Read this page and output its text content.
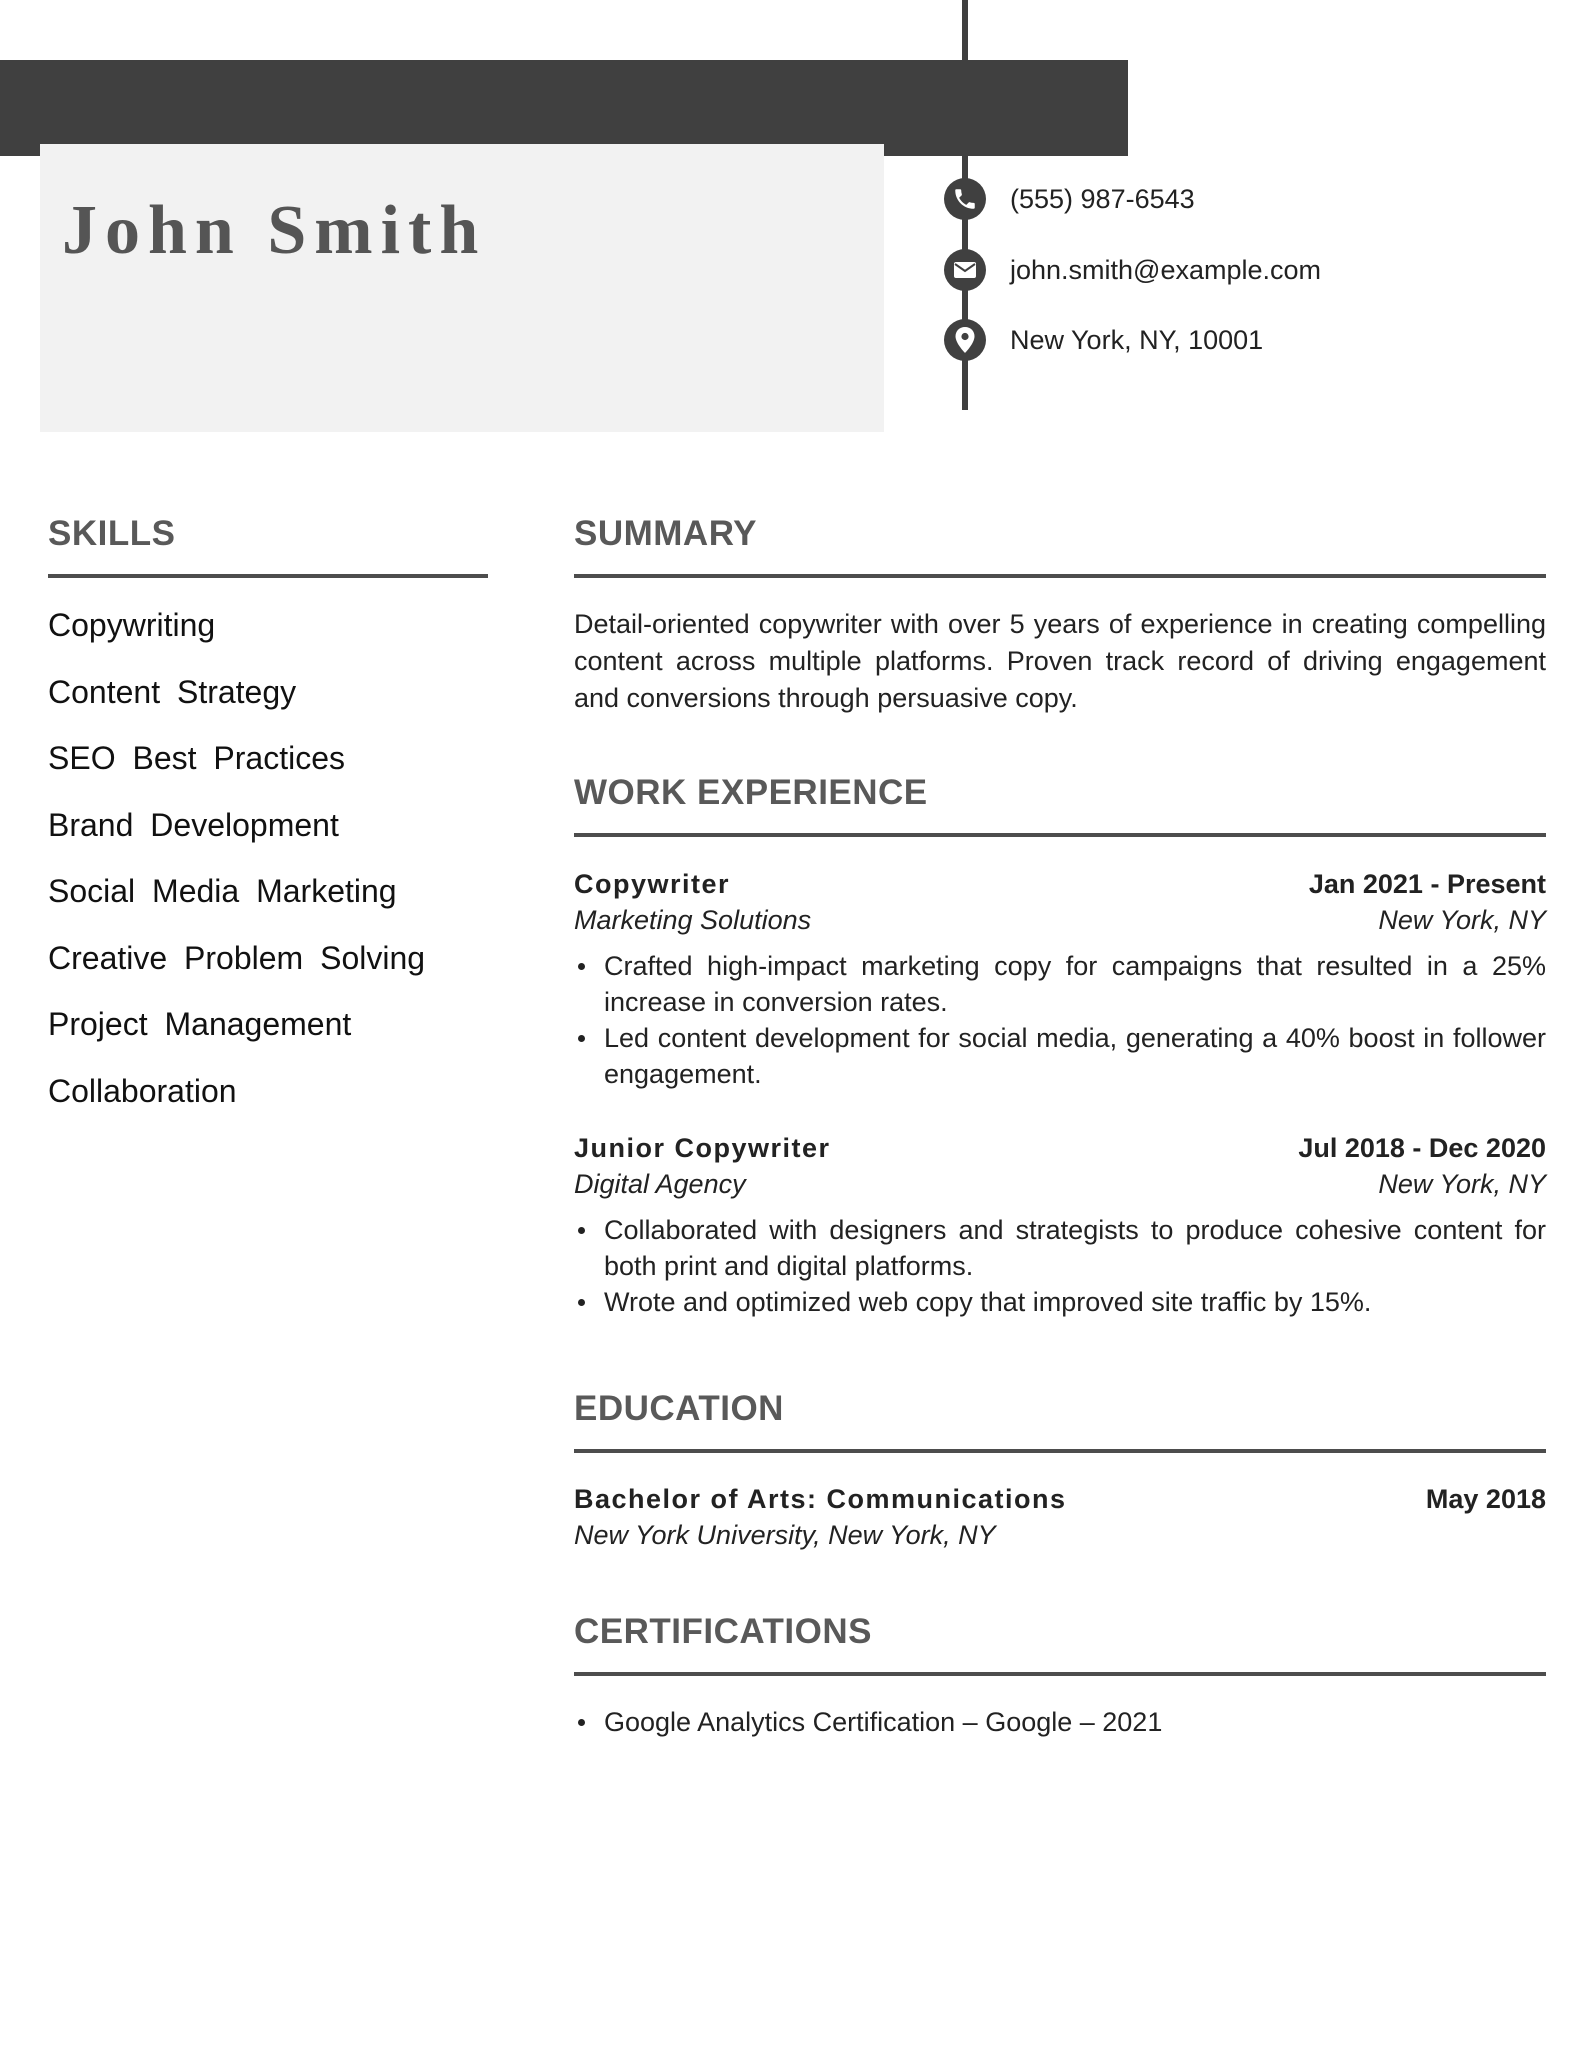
John Smith	(555) 987-6543
john.smith@example.com
New York, NY, 10001
SKILLS
Copywriting
Content Strategy
SEO Best Practices
Brand Development
Social Media Marketing
Creative Problem Solving
Project Management
Collaboration
SUMMARY

Detail-oriented copywriter with over 5 years of experience in creating compelling content across multiple platforms. Proven track record of driving engagement and conversions through persuasive copy.

WORK EXPERIENCE
Copywriter	Jan 2021 - Present
Marketing Solutions	New York, NY
Crafted high-impact marketing copy for campaigns that resulted in a 25% increase in conversion rates.
Led content development for social media, generating a 40% boost in follower engagement.
Junior Copywriter	Jul 2018 - Dec 2020
Digital Agency	New York, NY
Collaborated with designers and strategists to produce cohesive content for both print and digital platforms.
Wrote and optimized web copy that improved site traffic by 15%.
EDUCATION
Bachelor of Arts: Communications	May 2018
New York University, New York, NY
CERTIFICATIONS
Google Analytics Certification – Google – 2021
